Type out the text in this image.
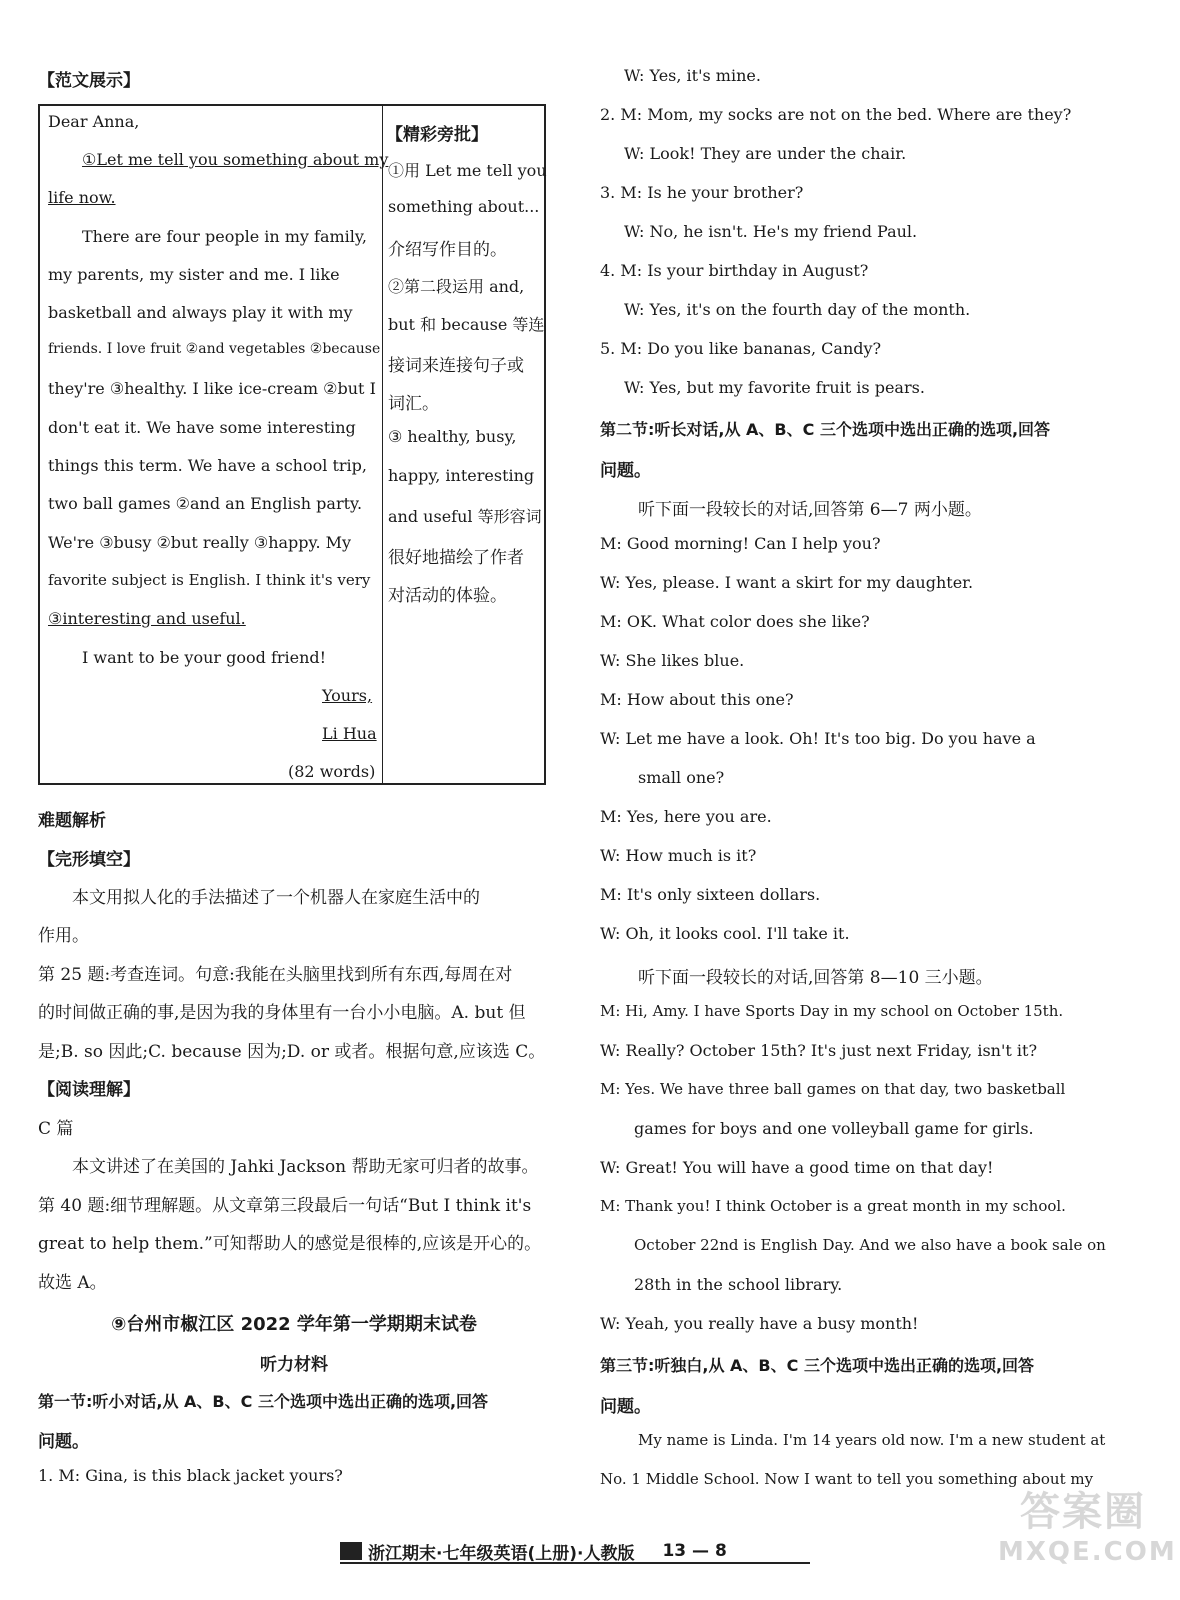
【范文展示】
Dear Anna,
①Let me tell you something about my
life now.
There are four people in my family,
my parents, my sister and me. I like
basketball and always play it with my
friends. I love fruit ②and vegetables ②because
they're ③healthy. I like ice-cream ②but I
don't eat it. We have some interesting
things this term. We have a school trip,
two ball games ②and an English party.
We're ③busy ②but really ③happy. My
favorite subject is English. I think it's very
③interesting and useful.
I want to be your good friend!
Yours,
Li Hua
(82 words)
【精彩旁批】
①用 Let me tell you
something about...
介绍写作目的。
②第二段运用 and,
but 和 because 等连
接词来连接句子或
词汇。
③ healthy, busy,
happy, interesting
and useful 等形容词
很好地描绘了作者
对活动的体验。
难题解析
【完形填空】
本文用拟人化的手法描述了一个机器人在家庭生活中的
作用。
第 25 题:考查连词。句意:我能在头脑里找到所有东西,每周在对
的时间做正确的事,是因为我的身体里有一台小小电脑。A. but 但
是;B. so 因此;C. because 因为;D. or 或者。根据句意,应该选 C。
【阅读理解】
C 篇
本文讲述了在美国的 Jahki Jackson 帮助无家可归者的故事。
第 40 题:细节理解题。从文章第三段最后一句话“But I think it's
great to help them.”可知帮助人的感觉是很棒的,应该是开心的。
故选 A。
⑨台州市椒江区 2022 学年第一学期期末试卷
听力材料
第一节:听小对话,从 A、B、C 三个选项中选出正确的选项,回答
问题。
1. M: Gina, is this black jacket yours?
W: Yes, it's mine.
2. M: Mom, my socks are not on the bed. Where are they?
W: Look! They are under the chair.
3. M: Is he your brother?
W: No, he isn't. He's my friend Paul.
4. M: Is your birthday in August?
W: Yes, it's on the fourth day of the month.
5. M: Do you like bananas, Candy?
W: Yes, but my favorite fruit is pears.
第二节:听长对话,从 A、B、C 三个选项中选出正确的选项,回答
问题。
听下面一段较长的对话,回答第 6—7 两小题。
M: Good morning! Can I help you?
W: Yes, please. I want a skirt for my daughter.
M: OK. What color does she like?
W: She likes blue.
M: How about this one?
W: Let me have a look. Oh! It's too big. Do you have a
small one?
M: Yes, here you are.
W: How much is it?
M: It's only sixteen dollars.
W: Oh, it looks cool. I'll take it.
听下面一段较长的对话,回答第 8—10 三小题。
M: Hi, Amy. I have Sports Day in my school on October 15th.
W: Really? October 15th? It's just next Friday, isn't it?
M: Yes. We have three ball games on that day, two basketball
games for boys and one volleyball game for girls.
W: Great! You will have a good time on that day!
M: Thank you! I think October is a great month in my school.
October 22nd is English Day. And we also have a book sale on
28th in the school library.
W: Yeah, you really have a busy month!
第三节:听独白,从 A、B、C 三个选项中选出正确的选项,回答
问题。
My name is Linda. I'm 14 years old now. I'm a new student at
No. 1 Middle School. Now I want to tell you something about my
浙江期末·七年级英语(上册)·人教版 13 — 8
答案圈
MXQE.COM
